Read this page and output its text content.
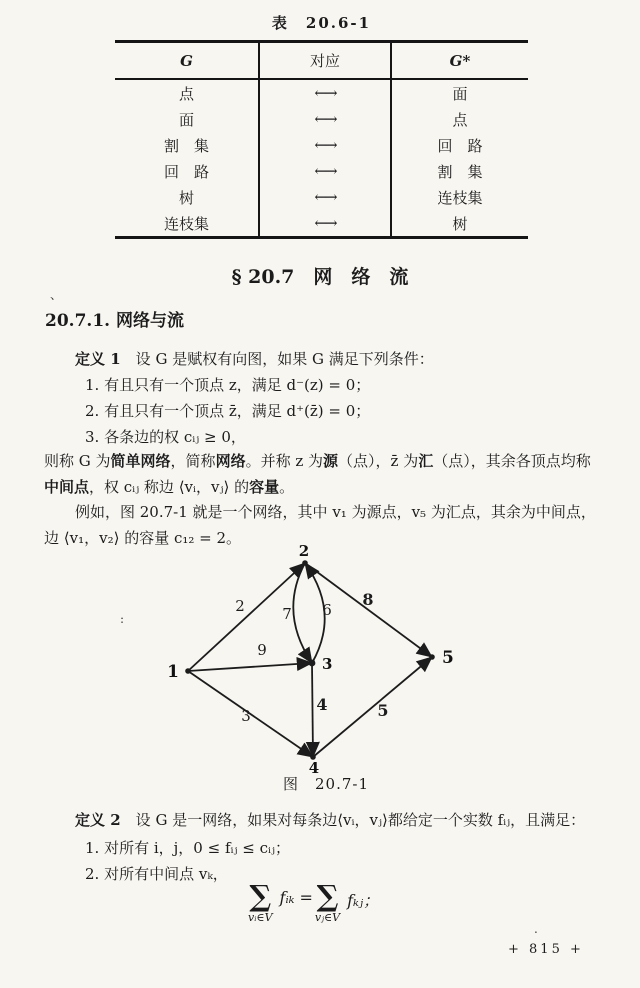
表　20.6-1
G	对应	G*
点	←→	面
面	←→	点
割　集	←→	回　路
回　路	←→	割　集
树	←→	连枝集
连枝集	←→	树
§ 20.7　网　络　流
20.7.1. 网络与流
定义 1　设 G 是赋权有向图，如果 G 满足下列条件：
1. 有且只有一个顶点 z，满足 d⁻(z) = 0；
2. 有且只有一个顶点 z̄，满足 d⁺(z̄) = 0；
3. 各条边的权 cᵢⱼ ≥ 0，
则称 G 为简单网络，简称网络。并称 z 为源（点），z̄ 为汇（点），其余各顶点均称
中间点，权 cᵢⱼ 称边 ⟨vᵢ，vⱼ⟩ 的容量。
例如，图 20.7-1 就是一个网络，其中 v₁ 为源点，v₅ 为汇点，其余为中间点，
边 ⟨v₁，v₂⟩ 的容量 c₁₂ = 2。
2 7 6
8
9
3
4	5
1
2
3
4
5
图　20.7-1
定义 2　设 G 是一网络，如果对每条边⟨vᵢ，vⱼ⟩都给定一个实数 fᵢⱼ，且满足：
1. 对所有 i，j，0 ≤ fᵢⱼ ≤ cᵢⱼ；
2. 对所有中间点 vₖ，
∑
vᵢ∈V
fᵢₖ = ∑
vⱼ∈V
fₖⱼ；
+ 815 +
、
:
.
